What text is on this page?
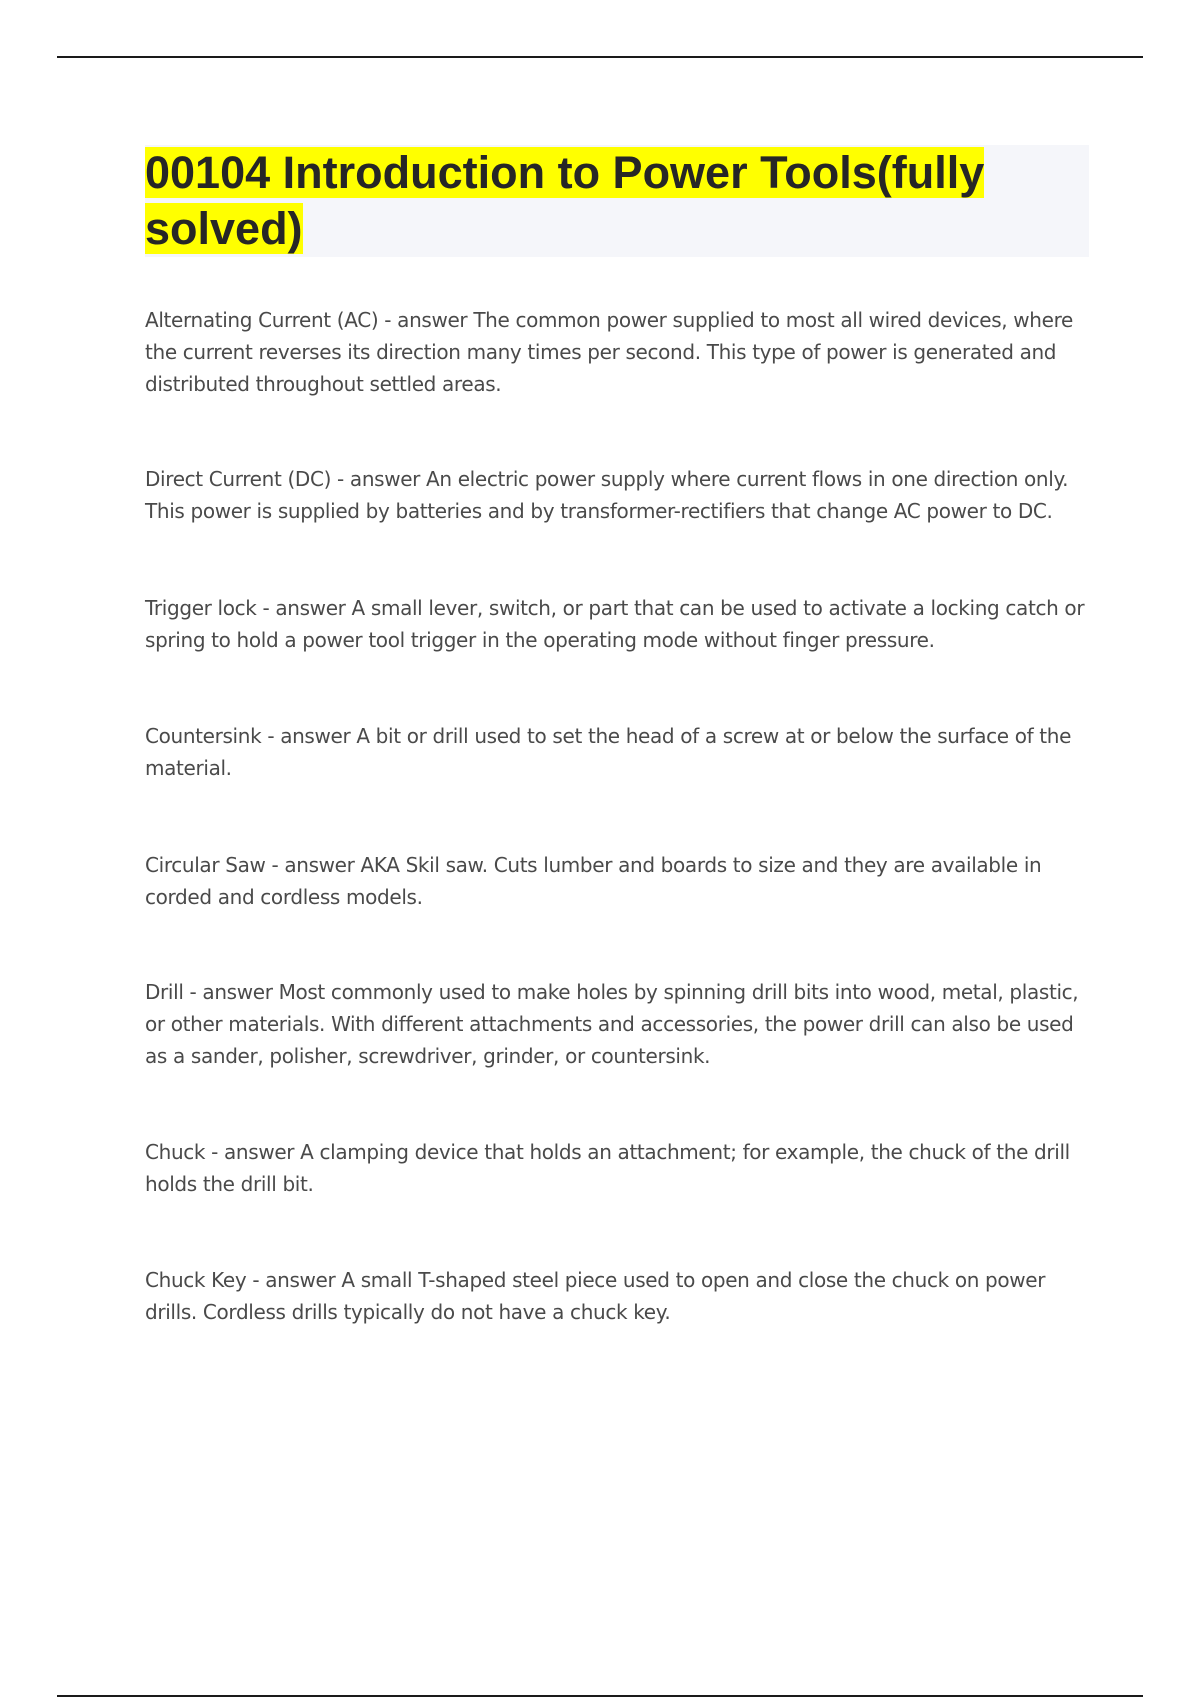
00104 Introduction to Power Tools(fully solved)

Alternating Current (AC) - answer The common power supplied to most all wired devices, where the current reverses its direction many times per second. This type of power is generated and distributed throughout settled areas.

Direct Current (DC) - answer An electric power supply where current flows in one direction only. This power is supplied by batteries and by transformer-rectifiers that change AC power to DC.

Trigger lock - answer A small lever, switch, or part that can be used to activate a locking catch or spring to hold a power tool trigger in the operating mode without finger pressure.

Countersink - answer A bit or drill used to set the head of a screw at or below the surface of the material.

Circular Saw - answer AKA Skil saw. Cuts lumber and boards to size and they are available in corded and cordless models.

Drill - answer Most commonly used to make holes by spinning drill bits into wood, metal, plastic, or other materials. With different attachments and accessories, the power drill can also be used as a sander, polisher, screwdriver, grinder, or countersink.

Chuck - answer A clamping device that holds an attachment; for example, the chuck of the drill holds the drill bit.

Chuck Key - answer A small T-shaped steel piece used to open and close the chuck on power drills. Cordless drills typically do not have a chuck key.
